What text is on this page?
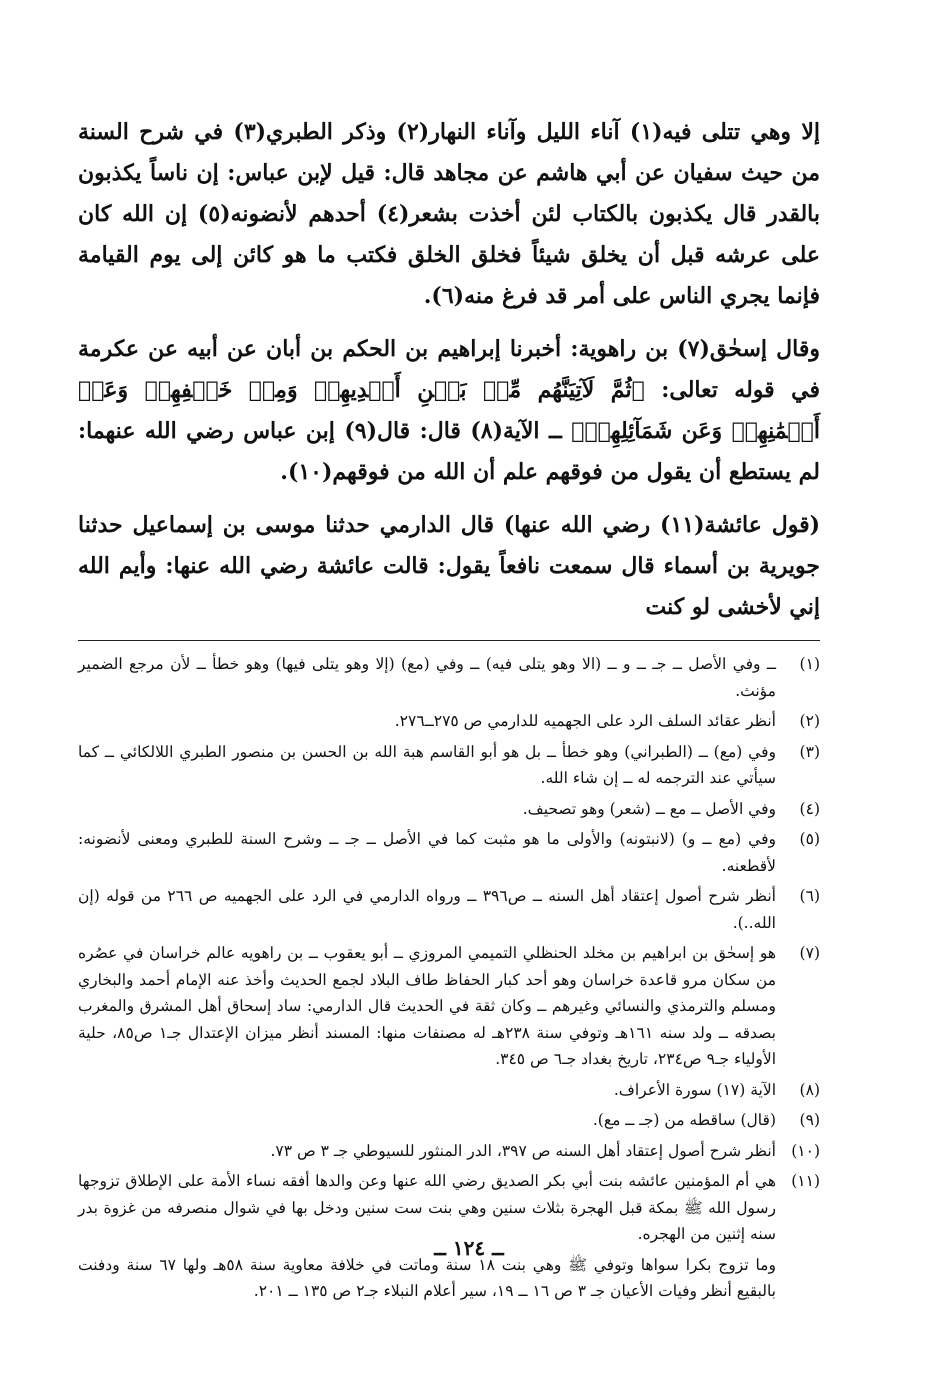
إلا وهي تتلى فيه(١) آناء الليل وآناء النهار(٢) وذكر الطبري(٣) في شرح السنة من حيث سفيان عن أبي هاشم عن مجاهد قال: قيل لإبن عباس: إن ناساً يكذبون بالقدر قال يكذبون بالكتاب لئن أخذت بشعر(٤) أحدهم لأنضونه(٥) إن الله كان على عرشه قبل أن يخلق شيئاً فخلق الخلق فكتب ما هو كائن إلى يوم القيامة فإنما يجري الناس على أمر قد فرغ منه(٦).

وقال إسحٰق(٧) بن راهوية: أخبرنا إبراهيم بن الحكم بن أبان عن أبيه عن عكرمة في قوله تعالى: ﴿ثُمَّ لَآتِيَنَّهُم مِّنۢ بَيۡنِ أَيۡدِيهِمۡ وَمِنۡ خَلۡفِهِمۡ وَعَنۡ أَيۡمَٰنِهِمۡ وَعَن شَمَآئِلِهِمۡ﴾ ــ الآية(٨) قال: قال(٩) إبن عباس رضي الله عنهما: لم يستطع أن يقول من فوقهم علم أن الله من فوقهم(١٠).

(قول عائشة(١١) رضي الله عنها) قال الدارمي حدثنا موسى بن إسماعيل حدثنا جويرية بن أسماء قال سمعت نافعاً يقول: قالت عائشة رضي الله عنها: وأيم الله إني لأخشى لو كنت

(١)
ــ وفي الأصل ــ جـ ــ و ــ (الا وهو يتلى فيه) ــ وفي (مع) (إلا وهو يتلى فيها) وهو خطأ ــ لأن مرجع الضمير مؤنث.
(٢)
أنظر عقائد السلف الرد على الجهميه للدارمي ص ٢٧٥ــ٢٧٦.
(٣)
وفي (مع) ــ (الطبراني) وهو خطأ ــ بل هو أبو القاسم هبة الله بن الحسن بن منصور الطبري اللالكائي ــ كما سيأتي عند الترجمه له ــ إن شاء الله.
(٤)
وفي الأصل ــ مع ــ (شعر) وهو تصحيف.
(٥)
وفي (مع ــ و) (لانبتونه) والأولى ما هو مثبت كما في الأصل ــ جـ ــ وشرح السنة للطبري ومعنى لأنضونه: لأقطعنه.
(٦)
أنظر شرح أصول إعتقاد أهل السنه ــ ص٣٩٦ ــ ورواه الدارمي في الرد على الجهميه ص ٢٦٦ من قوله (إن الله..).
(٧)
هو إسحٰق بن ابراهيم بن مخلد الحنظلي التميمي المروزي ــ أبو يعقوب ــ بن راهويه عالم خراسان في عصُره من سكان مرو قاعدة خراسان وهو أحد كبار الحفاظ طاف البلاد لجمع الحديث وأخذ عنه الإمام أحمد والبخاري ومسلم والترمذي والنسائي وغيرهم ــ وكان ثقة في الحديث قال الدارمي: ساد إسحاق أهل المشرق والمغرب بصدقه ــ ولد سنه ١٦١هـ وتوفي سنة ٢٣٨هـ له مصنفات منها: المسند أنظر ميزان الإعتدال جـ١ ص٨٥، حلية الأولياء جـ٩ ص٢٣٤، تاريخ بغداد جـ٦ ص ٣٤٥.
(٨)
الآية (١٧) سورة الأعراف.
(٩)
(قال) ساقطه من (جـ ــ مع).
(١٠)
أنظر شرح أصول إعتقاد أهل السنه ص ٣٩٧، الدر المنثور للسيوطي جـ ٣ ص ٧٣.
(١١)
هي أم المؤمنين عائشه بنت أبي بكر الصديق رضي الله عنها وعن والدها أفقه نساء الأمة على الإطلاق تزوجها رسول الله ﷺ بمكة قبل الهجرة بثلاث سنين وهي بنت ست سنين ودخل بها في شوال منصرفه من غزوة بدر سنه إثنين من الهجره.
وما تزوج بكرا سواها وتوفي ﷺ وهي بنت ١٨ سنة وماتت في خلافة معاوية سنة ٥٨هـ ولها ٦٧ سنة ودفنت بالبقيع أنظر وفيات الأعيان جـ ٣ ص ١٦ ــ ١٩، سير أعلام النبلاء جـ٢ ص ١٣٥ ــ ٢٠١.
ــ ١٢٤ ــ
